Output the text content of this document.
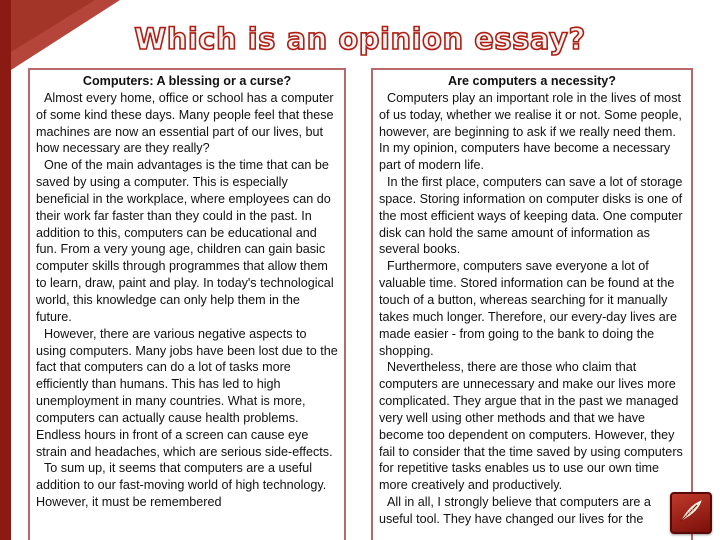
Which is an opinion essay?
Computers: A blessing or a curse?

Almost every home, office or school has a computer of some kind these days. Many people feel that these machines are now an essential part of our lives, but how necessary are they really?

One of the main advantages is the time that can be saved by using a computer. This is especially beneficial in the workplace, where employees can do their work far faster than they could in the past. In addition to this, computers can be educational and fun. From a very young age, children can gain basic computer skills through programmes that allow them to learn, draw, paint and play. In today's technological world, this knowledge can only help them in the future.

However, there are various negative aspects to using computers. Many jobs have been lost due to the fact that computers can do a lot of tasks more efficiently than humans. This has led to high unemployment in many countries. What is more, computers can actually cause health problems. Endless hours in front of a screen can cause eye strain and headaches, which are serious side-effects.

To sum up, it seems that computers are a useful addition to our fast-moving world of high technology. However, it must be remembered

Are computers a necessity?

Computers play an important role in the lives of most of us today, whether we realise it or not. Some people, however, are beginning to ask if we really need them. In my opinion, computers have become a necessary part of modern life.

In the first place, computers can save a lot of storage space. Storing information on computer disks is one of the most efficient ways of keeping data. One computer disk can hold the same amount of information as several books.

Furthermore, computers save everyone a lot of valuable time. Stored information can be found at the touch of a button, whereas searching for it manually takes much longer. Therefore, our every-day lives are made easier - from going to the bank to doing the shopping.

Nevertheless, there are those who claim that computers are unnecessary and make our lives more complicated. They argue that in the past we managed very well using other methods and that we have become too dependent on computers. However, they fail to consider that the time saved by using computers for repetitive tasks enables us to use our own time more creatively and productively.

All in all, I strongly believe that computers are a useful tool. They have changed our lives for the
